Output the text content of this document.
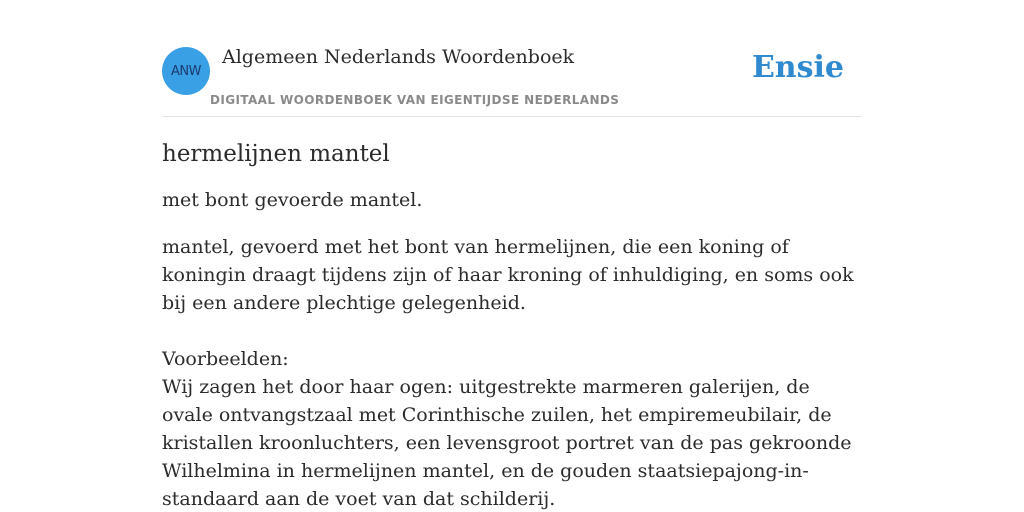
ANW
Algemeen Nederlands Woordenboek
DIGITAAL WOORDENBOEK VAN EIGENTIJDSE NEDERLANDS
Ensie
hermelijnen mantel

met bont gevoerde mantel.

mantel, gevoerd met het bont van hermelijnen, die een koning of koningin draagt tijdens zijn of haar kroning of inhuldiging, en soms ook bij een andere plechtige gelegenheid.

Voorbeelden:

Wij zagen het door haar ogen: uitgestrekte marmeren galerijen, de ovale ontvangstzaal met Corinthische zuilen, het empiremeubilair, de kristallen kroonluchters, een levensgroot portret van de pas gekroonde Wilhelmina in hermelijnen mantel, en de gouden staatsiepajong-in-standaard aan de voet van dat schilderij.
